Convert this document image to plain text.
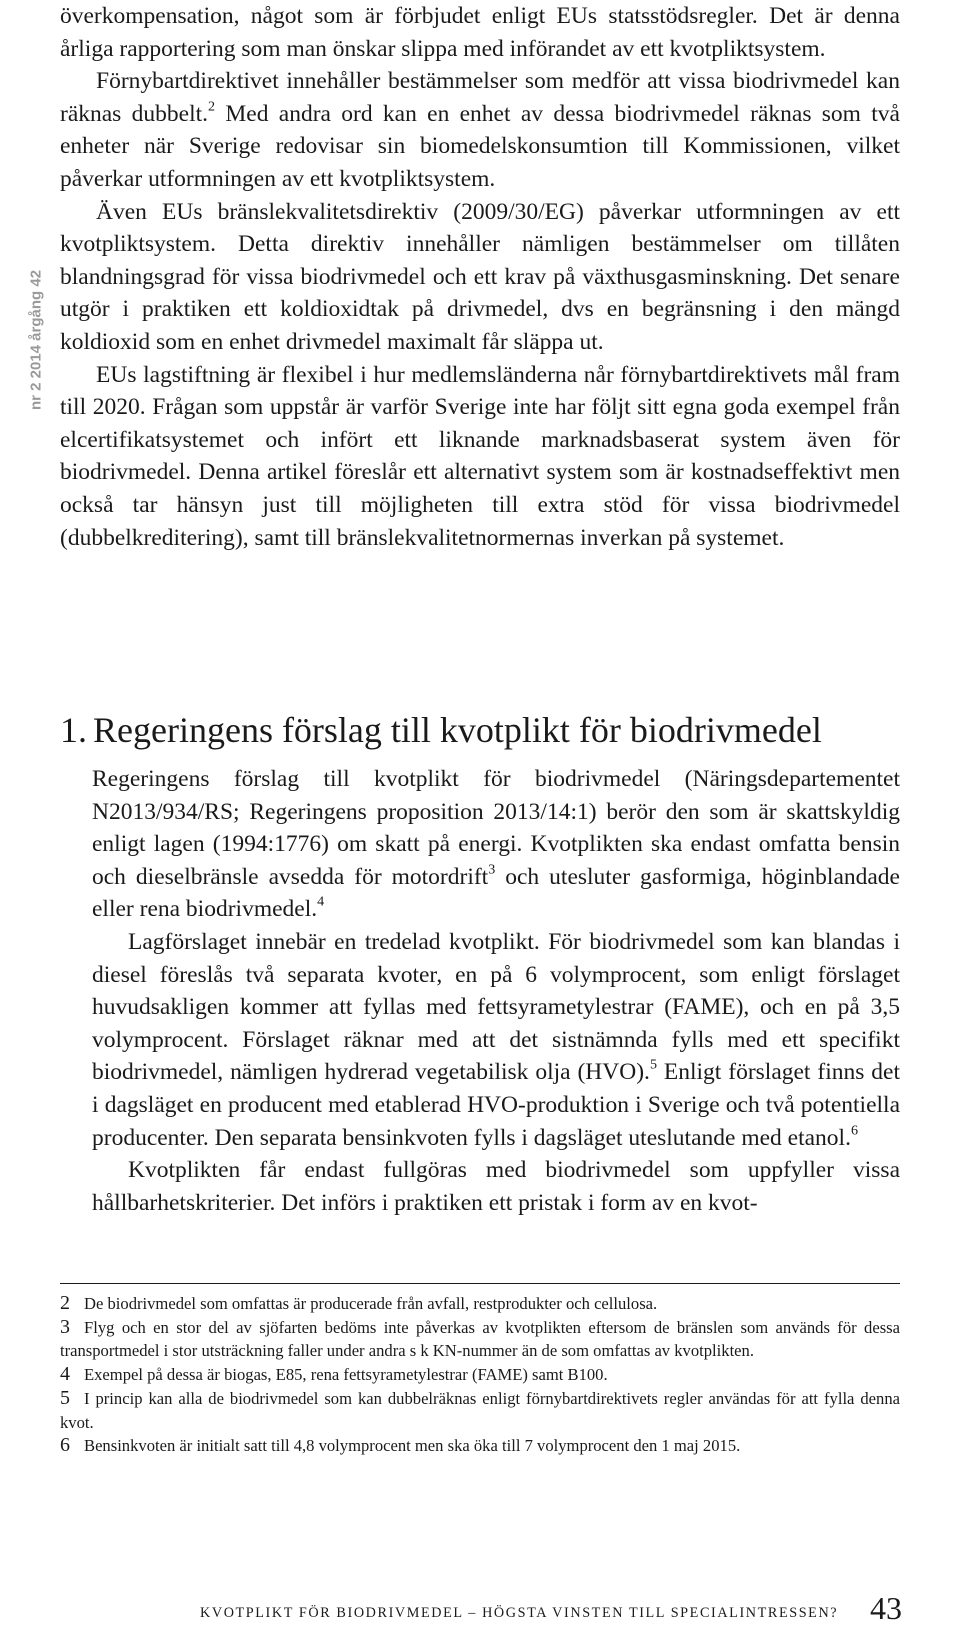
nr 2 2014 årgång 42

överkompensation, något som är förbjudet enligt EUs statsstödsregler. Det är denna årliga rapportering som man önskar slippa med införandet av ett kvotpliktsystem.

Förnybartdirektivet innehåller bestämmelser som medför att vissa biodrivmedel kan räknas dubbelt.$^2$ Med andra ord kan en enhet av dessa biodrivmedel räknas som två enheter när Sverige redovisar sin biomedelskonsumtion till Kommissionen, vilket påverkar utformningen av ett kvotpliktsystem.

Även EUs bränslekvalitetsdirektiv (2009/30/EG) påverkar utformningen av ett kvotpliktsystem. Detta direktiv innehåller nämligen bestämmelser om tillåten blandningsgrad för vissa biodrivmedel och ett krav på växthusgasminskning. Det senare utgör i praktiken ett koldioxidtak på drivmedel, dvs en begränsning i den mängd koldioxid som en enhet drivmedel maximalt får släppa ut.

EUs lagstiftning är flexibel i hur medlemsländerna når förnybartdirektivets mål fram till 2020. Frågan som uppstår är varför Sverige inte har följt sitt egna goda exempel från elcertifikatsystemet och infört ett liknande marknadsbaserat system även för biodrivmedel. Denna artikel föreslår ett alternativt system som är kostnadseffektivt men också tar hänsyn just till möjligheten till extra stöd för vissa biodrivmedel (dubbelkreditering), samt till bränslekvalitetnormernas inverkan på systemet.

1. Regeringens förslag till kvotplikt för biodrivmedel

Regeringens förslag till kvotplikt för biodrivmedel (Näringsdepartementet N2013/934/RS; Regeringens proposition 2013/14:1) berör den som är skattskyldig enligt lagen (1994:1776) om skatt på energi. Kvotplikten ska endast omfatta bensin och dieselbränsle avsedda för motordrift$^3$ och utesluter gasformiga, höginblandade eller rena biodrivmedel.$^4$

Lagförslaget innebär en tredelad kvotplikt. För biodrivmedel som kan blandas i diesel föreslås två separata kvoter, en på 6 volymprocent, som enligt förslaget huvudsakligen kommer att fyllas med fettsyrametylestrar (FAME), och en på 3,5 volymprocent. Förslaget räknar med att det sistnämnda fylls med ett specifikt biodrivmedel, nämligen hydrerad vegetabilisk olja (HVO).$^5$ Enligt förslaget finns det i dagsläget en producent med etablerad HVO-produktion i Sverige och två potentiella producenter. Den separata bensinkvoten fylls i dagsläget uteslutande med etanol.$^6$

Kvotplikten får endast fullgöras med biodrivmedel som uppfyller vissa hållbarhetskriterier. Det införs i praktiken ett pristak i form av en kvot-

2 De biodrivmedel som omfattas är producerade från avfall, restprodukter och cellulosa.

3 Flyg och en stor del av sjöfarten bedöms inte påverkas av kvotplikten eftersom de bränslen som används för dessa transportmedel i stor utsträckning faller under andra s k KN-nummer än de som omfattas av kvotplikten.

4 Exempel på dessa är biogas, E85, rena fettsyrametylestrar (FAME) samt B100.

5 I princip kan alla de biodrivmedel som kan dubbelräknas enligt förnybartdirektivets regler användas för att fylla denna kvot.

6 Bensinkvoten är initialt satt till 4,8 volymprocent men ska öka till 7 volymprocent den 1 maj 2015.

KVOTPLIKT FÖR BIODRIVMEDEL – HÖGSTA VINSTEN TILL SPECIALINTRESSEN? 43
